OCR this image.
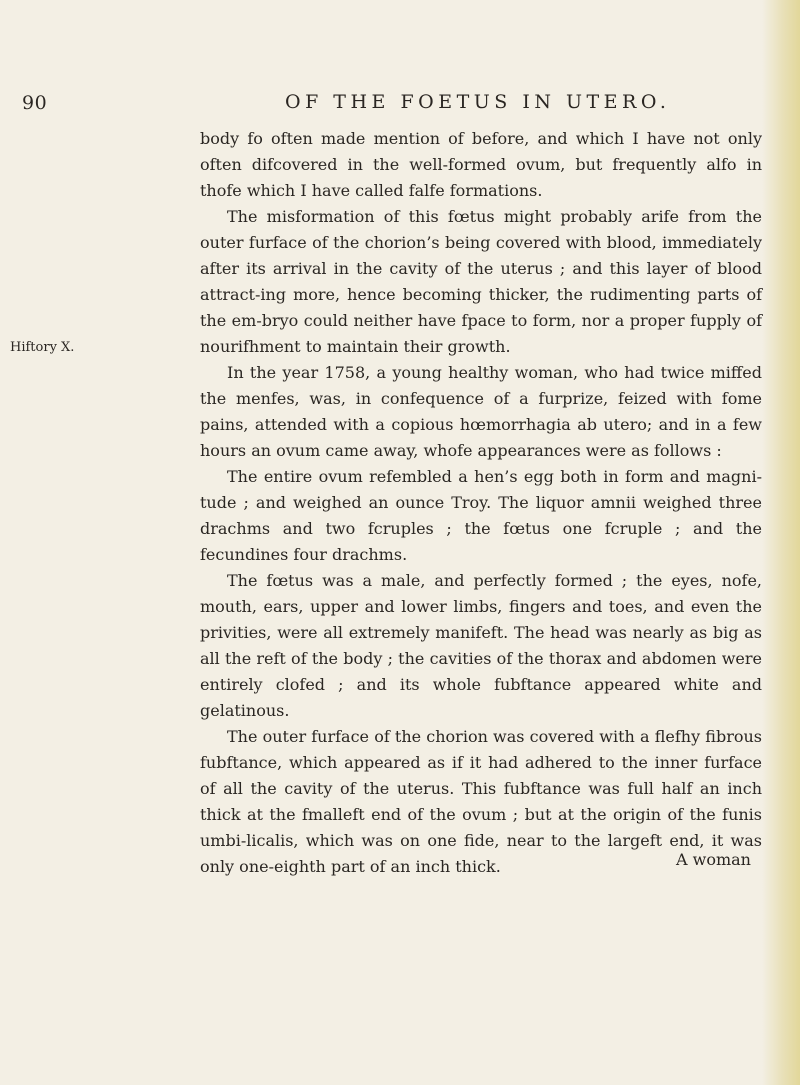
90	OF THE FOETUS IN UTERO.
Hiftory X.

body fo often made mention of before, and which I have not only often difcovered in the well-formed ovum, but frequently alfo in thofe which I have called falfe formations.

The misformation of this fœtus might probably arife from the outer furface of the chorion’s being covered with blood, immediately after its arrival in the cavity of the uterus ; and this layer of blood attract-ing more, hence becoming thicker, the rudimenting parts of the em-bryo could neither have fpace to form, nor a proper fupply of nourifhment to maintain their growth.

In the year 1758, a young healthy woman, who had twice miffed the menfes, was, in confequence of a furprize, feized with fome pains, attended with a copious hœmorrhagia ab utero; and in a few hours an ovum came away, whofe appearances were as follows :

The entire ovum refembled a hen’s egg both in form and magni-tude ; and weighed an ounce Troy. The liquor amnii weighed three drachms and two fcruples ; the fœtus one fcruple ; and the fecundines four drachms.

The fœtus was a male, and perfectly formed ; the eyes, nofe, mouth, ears, upper and lower limbs, fingers and toes, and even the privities, were all extremely manifeft. The head was nearly as big as all the reft of the body ; the cavities of the thorax and abdomen were entirely clofed ; and its whole fubftance appeared white and gelatinous.

The outer furface of the chorion was covered with a flefhy fibrous fubftance, which appeared as if it had adhered to the inner furface of all the cavity of the uterus. This fubftance was full half an inch thick at the fmalleft end of the ovum ; but at the origin of the funis umbi-licalis, which was on one fide, near to the largeft end, it was only one-eighth part of an inch thick.	A woman
